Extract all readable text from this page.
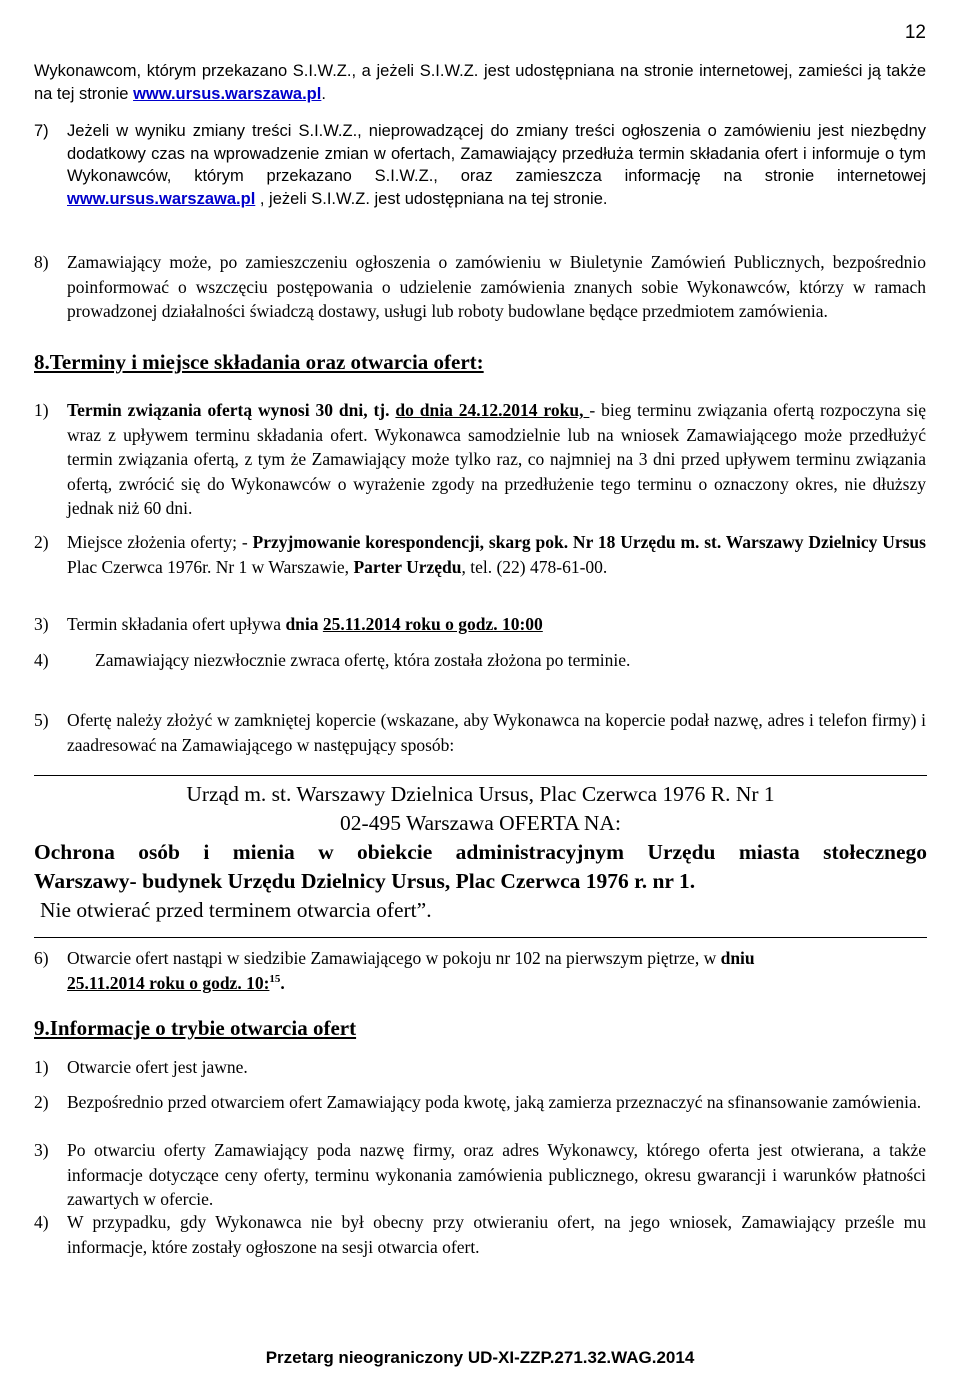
12
Wykonawcom, którym przekazano S.I.W.Z., a jeżeli S.I.W.Z. jest udostępniana na stronie internetowej, zamieści ją także na tej stronie www.ursus.warszawa.pl.
7) Jeżeli w wyniku zmiany treści S.I.W.Z., nieprowadzącej do zmiany treści ogłoszenia o zamówieniu jest niezbędny dodatkowy czas na wprowadzenie zmian w ofertach, Zamawiający przedłuża termin składania ofert i informuje o tym Wykonawców, którym przekazano S.I.W.Z., oraz zamieszcza informację na stronie internetowej www.ursus.warszawa.pl , jeżeli S.I.W.Z. jest udostępniana na tej stronie.
8) Zamawiający może, po zamieszczeniu ogłoszenia o zamówieniu w Biuletynie Zamówień Publicznych, bezpośrednio poinformować o wszczęciu postępowania o udzielenie zamówienia znanych sobie Wykonawców, którzy w ramach prowadzonej działalności świadczą dostawy, usługi lub roboty budowlane będące przedmiotem zamówienia.
8.Terminy i miejsce składania oraz otwarcia ofert:
1) Termin związania ofertą wynosi 30 dni, tj. do dnia 24.12.2014 roku, - bieg terminu związania ofertą rozpoczyna się wraz z upływem terminu składania ofert. Wykonawca samodzielnie lub na wniosek Zamawiającego może przedłużyć termin związania ofertą, z tym że Zamawiający może tylko raz, co najmniej na 3 dni przed upływem terminu związania ofertą, zwrócić się do Wykonawców o wyrażenie zgody na przedłużenie tego terminu o oznaczony okres, nie dłuższy jednak niż 60 dni.
2) Miejsce złożenia oferty; - Przyjmowanie korespondencji, skarg pok. Nr 18 Urzędu m. st. Warszawy Dzielnicy Ursus Plac Czerwca 1976r. Nr 1 w Warszawie, Parter Urzędu, tel. (22) 478-61-00.
3) Termin składania ofert upływa dnia 25.11.2014 roku o godz. 10:00
4)	Zamawiający niezwłocznie zwraca ofertę, która została złożona po terminie.
5) Ofertę należy złożyć w zamkniętej kopercie (wskazane, aby Wykonawca na kopercie podał nazwę, adres i telefon firmy) i zaadresować na Zamawiającego w następujący sposób:
Urząd m. st. Warszawy Dzielnica Ursus, Plac Czerwca 1976 R. Nr 1
02-495 Warszawa OFERTA NA:
Ochrona osób i mienia w obiekcie administracyjnym Urzędu miasta stołecznego
Warszawy- budynek Urzędu Dzielnicy Ursus, Plac Czerwca 1976 r. nr 1.
Nie otwierać przed terminem otwarcia ofert”.
6) Otwarcie ofert nastąpi w siedzibie Zamawiającego w pokoju nr 102 na pierwszym piętrze, w dniu
25.11.2014 roku o godz. 10:$^{15}$.
9.Informacje o trybie otwarcia ofert
1) Otwarcie ofert jest jawne.
2) Bezpośrednio przed otwarciem ofert Zamawiający poda kwotę, jaką zamierza przeznaczyć na sfinansowanie zamówienia.
3) Po otwarciu oferty Zamawiający poda nazwę firmy, oraz adres Wykonawcy, którego oferta jest otwierana, a także informacje dotyczące ceny oferty, terminu wykonania zamówienia publicznego, okresu gwarancji i warunków płatności zawartych w ofercie.
4) W przypadku, gdy Wykonawca nie był obecny przy otwieraniu ofert, na jego wniosek, Zamawiający prześle mu informacje, które zostały ogłoszone na sesji otwarcia ofert.
Przetarg nieograniczony UD-XI-ZZP.271.32.WAG.2014
